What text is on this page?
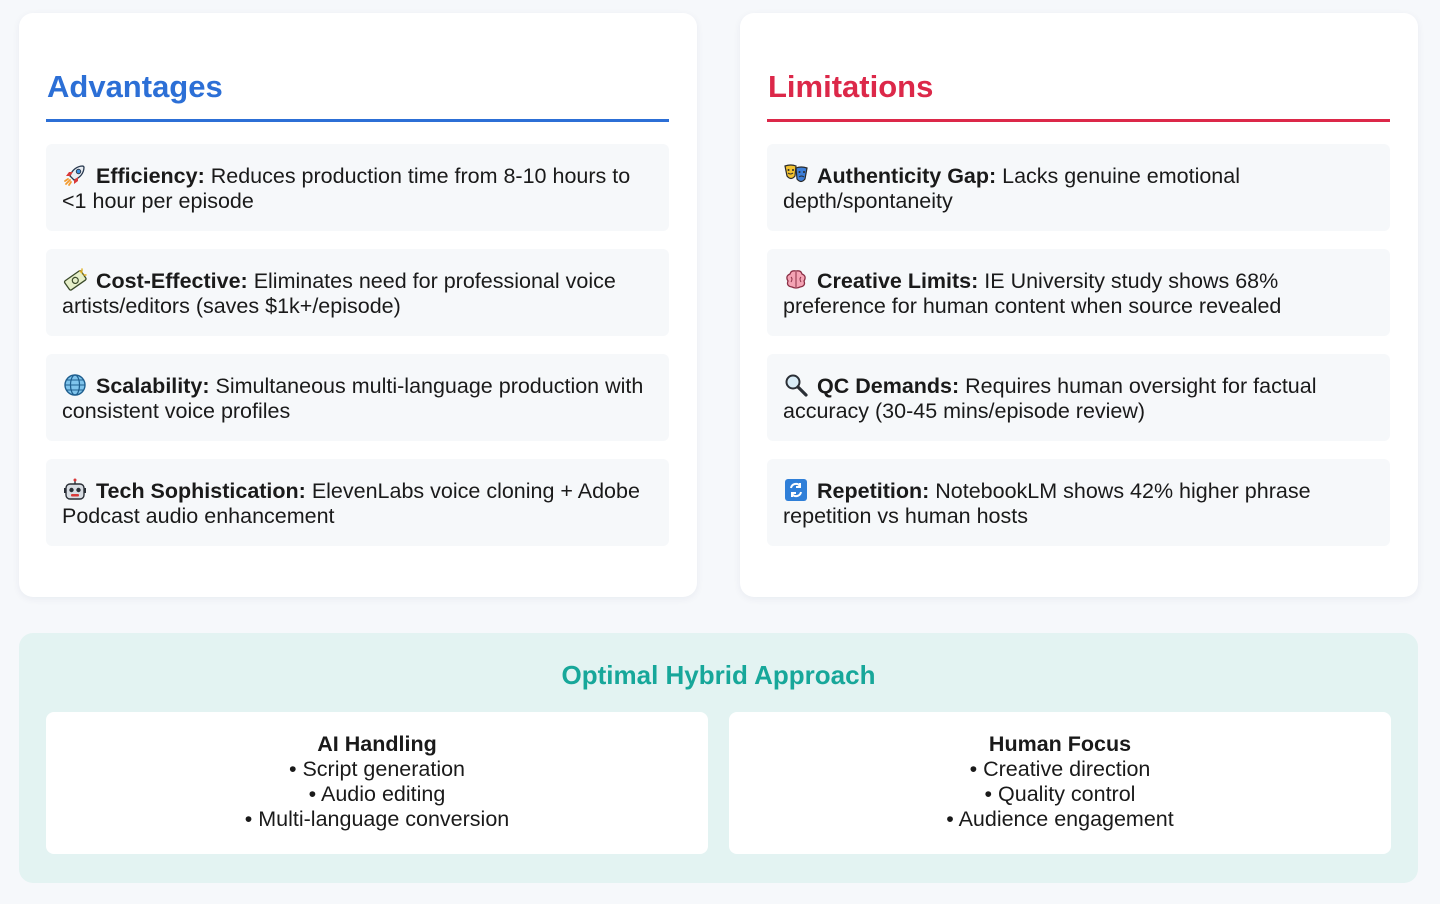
Advantages
Efficiency: Reduces production time from 8-10 hours to <1 hour per episode
Cost-Effective: Eliminates need for professional voice artists/editors (saves $1k+/episode)
Scalability: Simultaneous multi-language production with consistent voice profiles
Tech Sophistication: ElevenLabs voice cloning + Adobe Podcast audio enhancement
Limitations
Authenticity Gap: Lacks genuine emotional depth/spontaneity
Creative Limits: IE University study shows 68% preference for human content when source revealed
QC Demands: Requires human oversight for factual accuracy (30-45 mins/episode review)
Repetition: NotebookLM shows 42% higher phrase repetition vs human hosts
Optimal Hybrid Approach
AI Handling
• Script generation
• Audio editing
• Multi-language conversion
Human Focus
• Creative direction
• Quality control
• Audience engagement
